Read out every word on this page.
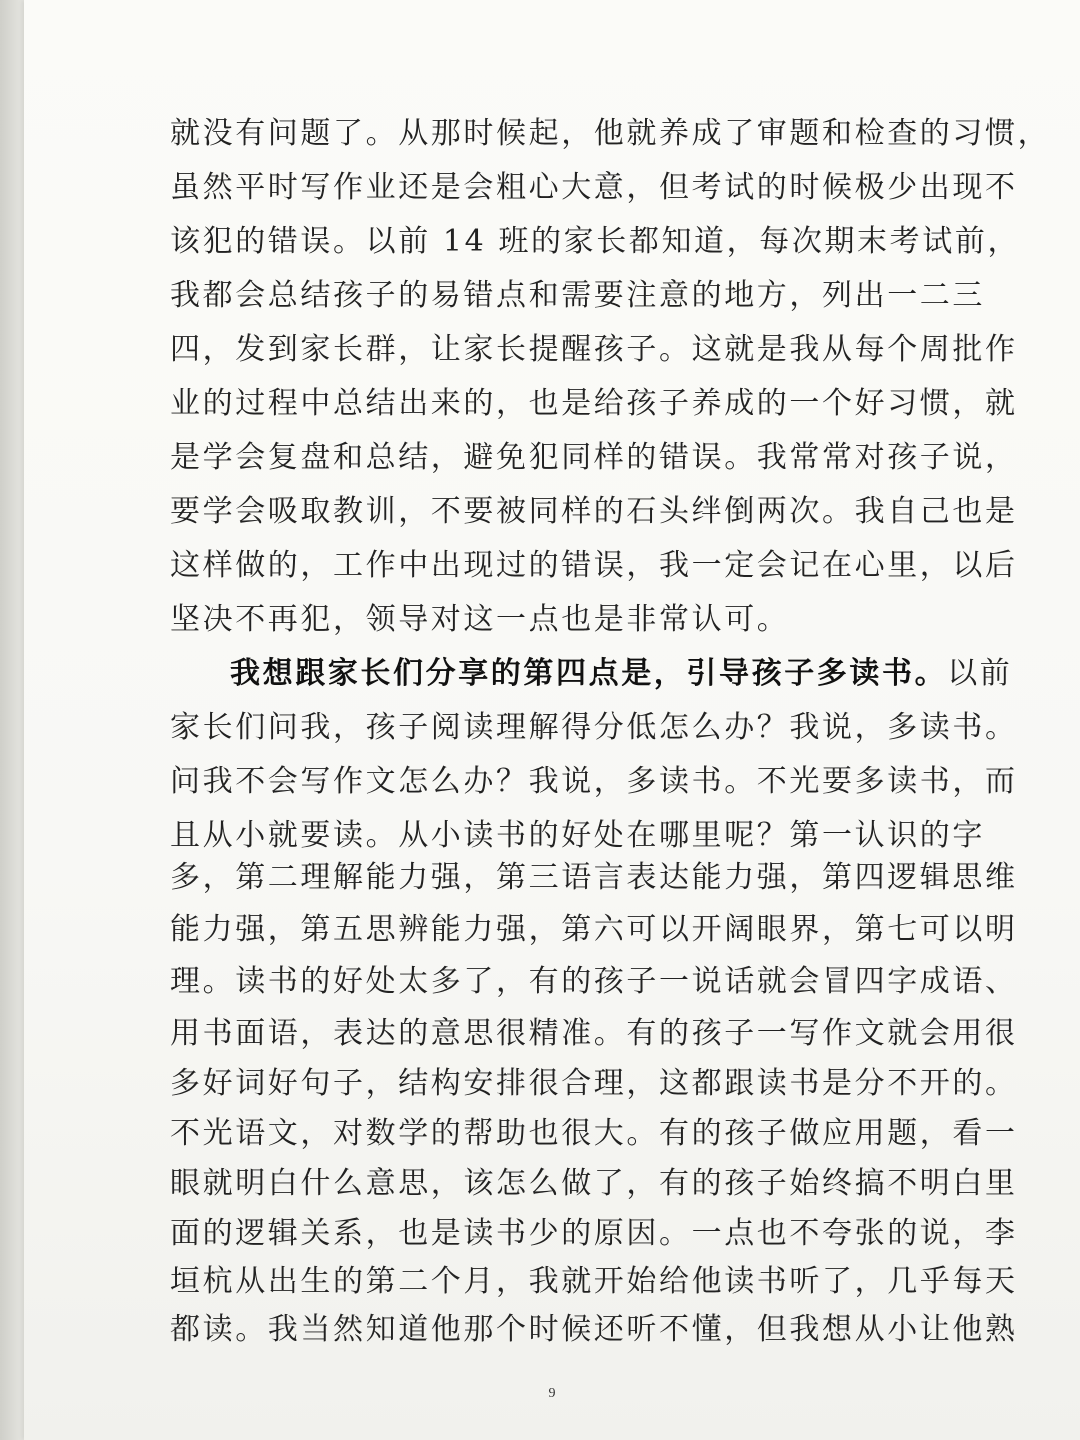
就没有问题了。从那时候起，他就养成了审题和检查的习惯，
虽然平时写作业还是会粗心大意，但考试的时候极少出现不
该犯的错误。以前 14 班的家长都知道，每次期末考试前，
我都会总结孩子的易错点和需要注意的地方，列出一二三
四，发到家长群，让家长提醒孩子。这就是我从每个周批作
业的过程中总结出来的，也是给孩子养成的一个好习惯，就
是学会复盘和总结，避免犯同样的错误。我常常对孩子说，
要学会吸取教训，不要被同样的石头绊倒两次。我自己也是
这样做的，工作中出现过的错误，我一定会记在心里，以后
坚决不再犯，领导对这一点也是非常认可。
我想跟家长们分享的第四点是，引导孩子多读书。以前
家长们问我，孩子阅读理解得分低怎么办？我说，多读书。
问我不会写作文怎么办？我说，多读书。不光要多读书，而
且从小就要读。从小读书的好处在哪里呢？第一认识的字
多，第二理解能力强，第三语言表达能力强，第四逻辑思维
能力强，第五思辨能力强，第六可以开阔眼界，第七可以明
理。读书的好处太多了，有的孩子一说话就会冒四字成语、
用书面语，表达的意思很精准。有的孩子一写作文就会用很
多好词好句子，结构安排很合理，这都跟读书是分不开的。
不光语文，对数学的帮助也很大。有的孩子做应用题，看一
眼就明白什么意思，该怎么做了，有的孩子始终搞不明白里
面的逻辑关系，也是读书少的原因。一点也不夸张的说，李
垣杭从出生的第二个月，我就开始给他读书听了，几乎每天
都读。我当然知道他那个时候还听不懂，但我想从小让他熟
9
